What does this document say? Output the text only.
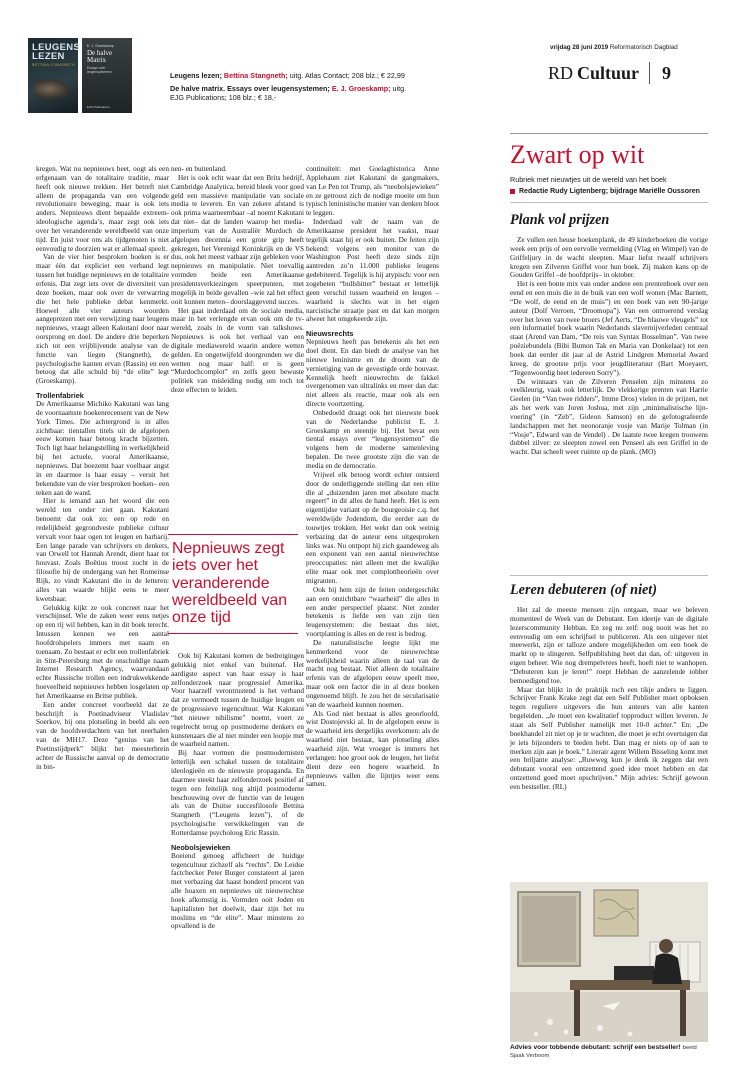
LEUGENS LEZEN
BETTINA STANGNETH
E. J. Groeskamp
De halve Matrix
Essays over leugensystemen
EJG Publications
Leugens lezen; Bettina Stangneth; uitg. Atlas Contact; 208 blz.; € 22,99
De halve matrix. Essays over leugensystemen; E. J. Groeskamp; uitg.
EJG Publications; 108 blz.; € 18,-
vrijdag 28 juni 2019 Reformatorisch Dagblad
RD Cultuur 9

kregen. Wat nu nepnieuws heet, oogt als een erfgenaam van de totalitaire traditie, maar heeft ook nieuwe trekken. Het betreft niet alleen de propaganda van een volgende revolutionaire beweging, maar is ook iets anders. Nepnieuws dient bepaalde extreem-ideologische agenda’s, maar zegt ook iets over het veranderende wereldbeeld van onze tijd. En juist voor ons als tijdgenoten is niet eenvoudig te doorzien wat er allemaal speelt.

Van de vier hier besproken boeken is er maar één dat expliciet een verband legt tussen het huidige nepnieuws en de totalitaire erfenis. Dat zegt iets over de diversiteit van deze boeken, maar ook over de verwarring die het hele publieke debat kenmerkt. Hoewel alle vier auteurs woorden aangeprezen met een verwijzing naar leugens nepnieuws, vraagt alleen Kakutani door naar oorsprong en doel. De andere drie beperken zich tot een vrijblijvende analyse van de functie van liegen (Stangneth), de psychologische kanten ervan (Rassin) en een betoog dat alle schuld bij “de elite” legt (Groeskamp).

Trollenfabriek

De Amerikaanse Michiko Kakutani was lang de voornaamste boekenrecensent van de New York Times. Die achtergrond is in alles zichtbaar: tientallen titels uit de afgelopen eeuw komen haar betoog kracht bijzetten. Toch ligt haar belangstelling in werkelijkheid bij het actuele, vooral Amerikaanse, nepnieuws. Dat boezemt haar voelbaar angst in en daarmee is haar essay – veruit het bekendste van de vier besproken boeken– een teken aan de wand.

Hier is iemand aan het woord die een wereld ten onder ziet gaan. Kakutani benoemt dat ook zo: een op rede en redelijkheid gegrondveste publieke cultuur vervalt voor haar ogen tot leugen en barbarij. Een lange parade van schrijvers en denkers, van Orwell tot Hannah Arendt, dient haar tot houvast. Zoals Boëtius troost zocht in de filosofie bij de ondergang van het Romeinse Rijk, zo vindt Kakutani die in de letteren: alles van waarde blijkt eens te meer kwetsbaar.

Gelukkig kijkt ze ook concreet naar het verschijnsel. Wie de zaken weer eens netjes op een rij wil hebben, kan in dit boek terecht. Intussen kennen we een aantal hoofdrolspelers immers met naam en toenaam. Zo bestaat er echt een trollenfabriek in Sint-Petersburg met de onschuldige naam Internet Research Agency, waarvandaan echte Russische trollen een indrukwekkende hoeveelheid nepnieuws hebben losgelaten op het Amerikaanse en Britse publiek.

Een ander concreet voorbeeld dat ze beschrijft is Poetinadviseur Vladislav Soerkov, bij ons plotseling in beeld als een van de hoofdverdachten van het neerhalen van de MH17. Deze “genius van het Poetinstijdperk” blijkt het meesterbrein achter de Russische aanval op de democratie in bin-

nen- en buitenland.

Het is ook echt waar dat een Brits bedrijf, Cambridge Analytica, bereid bleek voor goed geld een massieve manipulatie van sociale media te leveren. En van zekere afstand is ook prima waarneembaar –al noemt Kakutani dat niet– dat de landen waarop het media-imperium van de Australiër Murdoch de afgelopen decennia een grote grip heeft gekregen, het Verenigd Koninkrijk en de VS dus, ook het meest vatbaar zijn gebleken voor nepnieuws en manipulatie. Niet toevallig vormden beide een Amerikaanse presidentsverkiezingen speerpunten, met mogelijk in beide gevallen –wie zal het effect ooit kunnen meten– doorslaggevend succes.

Het gaat inderdaad om de sociale media, maar in het verlengde ervan ook om de tv-wereld, zoals in de vorm van talkshows. Nepnieuws is ook het verhaal van een digitale mediawereld waarin andere wetten gelden. En ongetwijfeld doorgronden we die wetten nog maar half: er is geen “Murdochcomplot” en zelfs geen bewuste politiek van misleiding nodig om toch tot deze effecten te leiden.

Nepnieuws zegt iets over het veranderende wereldbeeld van onze tijd

Ook bij Kakutani komen de bedreigingen gelukkig niet enkel van buitenaf. Het aardigste aspect van haar essay is haar zelfonderzoek naar progressief Amerika. Voor haarzelf verontrustend is het verband dat ze vermoedt tussen de huidige leugen en de progressieve tegencultuur. Wat Kakutani “het nieuwe nihilisme” noemt, voert ze regelrecht terug op postmoderne denkers en kunstenaars die al niet minder een loopje met de waarheid namen.

Bij haar vormen die postmodernisten letterlijk een schakel tussen de totalitaire ideologieën en de nieuwste propaganda. En daarmee steekt haar zelfonderzoek positief af tegen een feitelijk nog altijd postmoderne beschouwing over de functie van de leugen als van de Duitse succesfilosofe Bettina Stangneth (“Leugens lezen”), of de psychologische verwikkelingen van de Rotterdamse psycholoog Eric Rassin.

Neobolsjewieken

Boeiend genoeg afficheert de huidige tegencultuur zichzelf als “rechts”. De Leidse factchecker Peter Burger constateert al jaren met verbazing dat haast honderd procent van alle hoaxen en nepnieuws uit nieuwrechtse hoek afkomstig is. Vormden ooit Joden en kapitalisten het doelwit, daar zijn het nu moslims en “de elite”. Maar minstens zo opvallend is de

continuïteit: met Goelaghistorica Anne Applebaum ziet Kakutani de gangmakers, van Le Pen tot Trump, als “neobolsjewieken” en ze getroost zich de nodige moeite om hun typisch leninistische manier van denken bloot te leggen.

Inderdaad valt de naam van de Amerikaanse president het vaakst, maar tegelijk staat hij er ook buiten. De feiten zijn bekend: volgens een monitor van de Washington Post heeft deze sinds zijn aantreden zo’n 11.000 publieke leugens gedebiteerd. Tegelijk is hij atypisch: voor een zogeheten “bullshitter” bestaat er letterlijk geen verschil tussen waarheid en leugen – waarheid is slechts wat in het eigen narcistische straatje past en dat kan morgen alweer het omgekeerde zijn.

Nieuwsrechts

Nepnieuws heeft pas betekenis als het een doel dient. En dan biedt de analyse van het nieuwe leninisme en de droom van de vernietiging van de gevestigde orde houvast. Kennelijk heeft nieuwrechts de fakkel overgenomen van ultralinks en meer dan dat: niet alleen als reactie, maar ook als een directe voortzetting.

Onbedoeld draagt ook het nieuwste boek van de Nederlandse publicist E. J. Groeskamp en steentje bij. Het bevat een tiental essays over “leugensystemen” die volgens hem de moderne samenleving bepalen. De twee grootste zijn die van de media en de democratie.

Vrijwel elk betoog wordt echter ontsierd door de onderliggende stelling dat een elite die al „duizenden jaren met absolute macht regeert” in dit alles de hand heeft. Het is een eigentijdse variant op de bourgeoisie c.q. het wereldwijde Jodendom, die eerder aan de touwtjes trokken. Het wekt dan ook weinig verbazing dat de auteur eens uitgesproken links was. Nu ontpopt hij zich gaandeweg als een exponent van een aantal nieuwrechtse preoccupaties: niet alleen met die kwalijke elite maar ook met complottheorieën over migranten.

Ook bij hem zijn de feiten ondergeschikt aan een onzichtbare “waarheid” die alles in een ander perspectief plaatst. Niet zonder betekenis is liefde een van zijn tien leugensystemen: die bestaat dus niet, voortplanting is alles en de rest is bedrog.

De naturalistische leegte lijkt me kenmerkend voor de nieuwrechtse werkelijkheid waarin alleen de taal van de macht nog bestaat. Niet alleen de totalitaire erfenis van de afgelopen eeuw speelt mee, maar ook een factor die in al deze boeken ongenoemd blijft. Je zou het de secularisatie van de waarheid kunnen noemen.

Als God niet bestaat is alles geoorloofd, wist Dostojevski al. In de afgelopen eeuw is de waarheid iets dergelijks overkomen: als de waarheid niet bestaat, kan plotseling alles waarheid zijn. Wat vroeger is immers het verlangen: hoe groot ook de leugen, het liefst dient deze een hogere waarheid. In nepnieuws vallen die lijntjes weer eens samen.

Zwart op wit
Rubriek met nieuwtjes uit de wereld van het boek
Redactie Rudy Ligtenberg; bijdrage Mariëlle Oussoren
Plank vol prijzen

Ze vullen een heuse boekenplank, de 49 kinderboeken die vorige week een prijs of een eervolle vermelding (Vlag en Wimpel) van de Griffeljury in de wacht sleepten. Maar liefst twaalf schrijvers kregen een Zilveren Griffel voor hun boek. Zij maken kans op de Gouden Griffel –de hoofdprijs– in oktober.

Het is een bonte mix van onder andere een prentenboek over een eend en een muis die in de buik van een wolf wonen (Mac Barnett, “De wolf, de eend en de muis”) en een boek van een 90-jarige auteur (Dolf Verroen, “Droomopa”). Van een ontroerend verslag over het leven van twee broers (Jef Aerts, “De blauwe vleugels” tot een informatief boek waarin Nederlands slavernijverleden centraal staat (Arend van Dam, “De reis van Syntax Bosselman”. Van twee poëziebundels (Bibi Bumon Tak en Maria van Donkelaar) tot een boek dat eerder dit jaar al de Astrid Lindgren Memorial Award kreeg, de grootste prijs voor jeugdliteratuur (Bart Moeyaert, “Tegenwoordig heet iedereen Sorry”).

De winnaars van de Zilveren Penselen zijn minstens zo veelkleurig, vaak ook letterlijk. De vlekkerige prenten van Harrie Geelen (in “Van twee ridders”, Imme Dros) vielen in de prijzen, net als het werk van Joren Joshua, met zijn „minimalistische lijnvoering” (in “Zeb”, Gideon Samson) en de gefotografeerde landschappen met het neonoranje vosje van Marije Tolman (in “Vosje”, Edward van de Vendel) . De laatste twee kregen trouwens dubbel zilver: ze sleepten zowel een Penseel als een Griffel in de wacht. Dat scheelt weer ruimte op de plank. (MO)

Leren debuteren (of niet)

Het zal de meeste mensen zijn ontgaan, maar we beleven momenteel de Week van de Debutant. Een ideetje van de digitale lezerscommunity Hebban. En zeg nu zelf: nog nooit was het zo eenvoudig om een schrijfsel te publiceren. Als een uitgever niet meewerkt, zijn er talloze andere mogelijkheden om een boek de markt op te slingeren. Selfpublishing heet dat dan, of: uitgeven in eigen beheer. Wie nog drempelvrees heeft, hoeft niet te wanhopen. “Debuteren kun je leren!” roept Hebban de aanzelende tobber bemoedigend toe.

Maar dat blijkt in de praktijk toch een tikje anders te liggen. Schrijver Frank Krake zegt dat een Self Publisher moet opboksen tegen reguliere uitgevers die hun auteurs van alle kanten begeleiden. „Je moet een kwalitatief topproduct willen leveren. Je staat als Self Publisher namelijk met 10-0 achter.” En: „De boekhandel zit niet op je te wachten, die moet je echt overtuigen dat je iets bijzonders te bieden hebt. Dan mag er niets op of aan te merken zijn aan je boek.” Literair agent Willem Bisseling komt met een briljante analyse: „Ruwweg kun je denk ik zeggen dat een debutant vooral een ontzettend goed idee moet hebben en dat ontzettend goed moet opschrijven.” Mijn advies: Schrijf gewoon een bestseller. (RL)

Advies voor tobbende debutant: schrijf een bestseller! beeld Sjaak Verboom
